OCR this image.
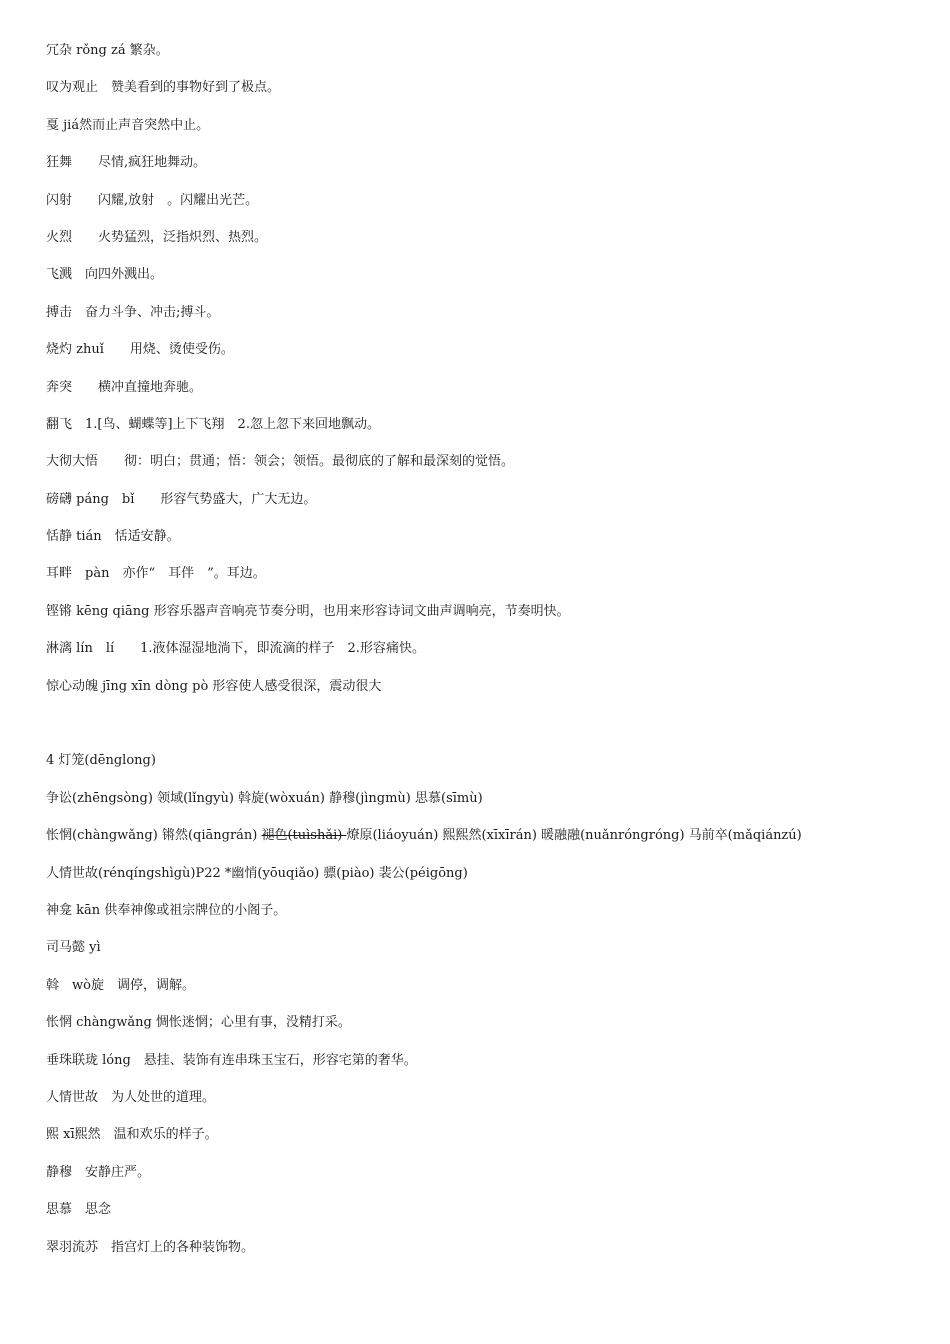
冗杂 rǒng zá 繁杂。
叹为观止　赞美看到的事物好到了极点。
戛 jiá然而止声音突然中止。
狂舞　　尽情,疯狂地舞动。
闪射　　闪耀,放射　。闪耀出光芒。
火烈　　火势猛烈，泛指炽烈、热烈。
飞溅　向四外溅出。
搏击　奋力斗争、冲击;搏斗。
烧灼 zhuǐ　　用烧、烫使受伤。
奔突　　横冲直撞地奔驰。
翻飞　1.[鸟、蝴蝶等]上下飞翔　2.忽上忽下来回地飘动。
大彻大悟　　彻：明白；贯通；悟：领会；领悟。最彻底的了解和最深刻的觉悟。
磅礴 páng　bǐ　　形容气势盛大，广大无边。
恬静 tián　恬适安静。
耳畔　pàn　亦作“　耳伴　”。耳边。
铿锵 kēng qiāng 形容乐器声音响亮节奏分明，也用来形容诗词文曲声调响亮，节奏明快。
淋漓 lín　lí　　1.液体湿湿地淌下，即流滴的样子　2.形容痛快。
惊心动魄 jīng xīn dòng pò 形容使人感受很深，震动很大
4 灯笼(dēnglong)
争讼(zhēngsòng) 领域(lǐngyù) 斡旋(wòxuán) 静穆(jìngmù) 思慕(sīmù)
怅惘(chàngwǎng) 锵然(qiāngrán) 褪色(tuìshǎi) 燎原(liáoyuán) 熙熙然(xīxīrán) 暖融融(nuǎnróngróng) 马前卒(mǎqiánzú)
人情世故(rénqíngshìgù)P22 *幽悄(yōuqiǎo) 骠(piào) 裴公(péigōng)
神龛 kān 供奉神像或祖宗牌位的小阁子。
司马懿 yì
斡　wò旋　调停，调解。
怅惘 chàngwǎng 惆怅迷惘；心里有事，没精打采。
垂珠联珑 lóng　悬挂、装饰有连串珠玉宝石，形容宅第的奢华。
人情世故　为人处世的道理。
熙 xī熙然　温和欢乐的样子。
静穆　安静庄严。
思慕　思念
翠羽流苏　指宫灯上的各种装饰物。
